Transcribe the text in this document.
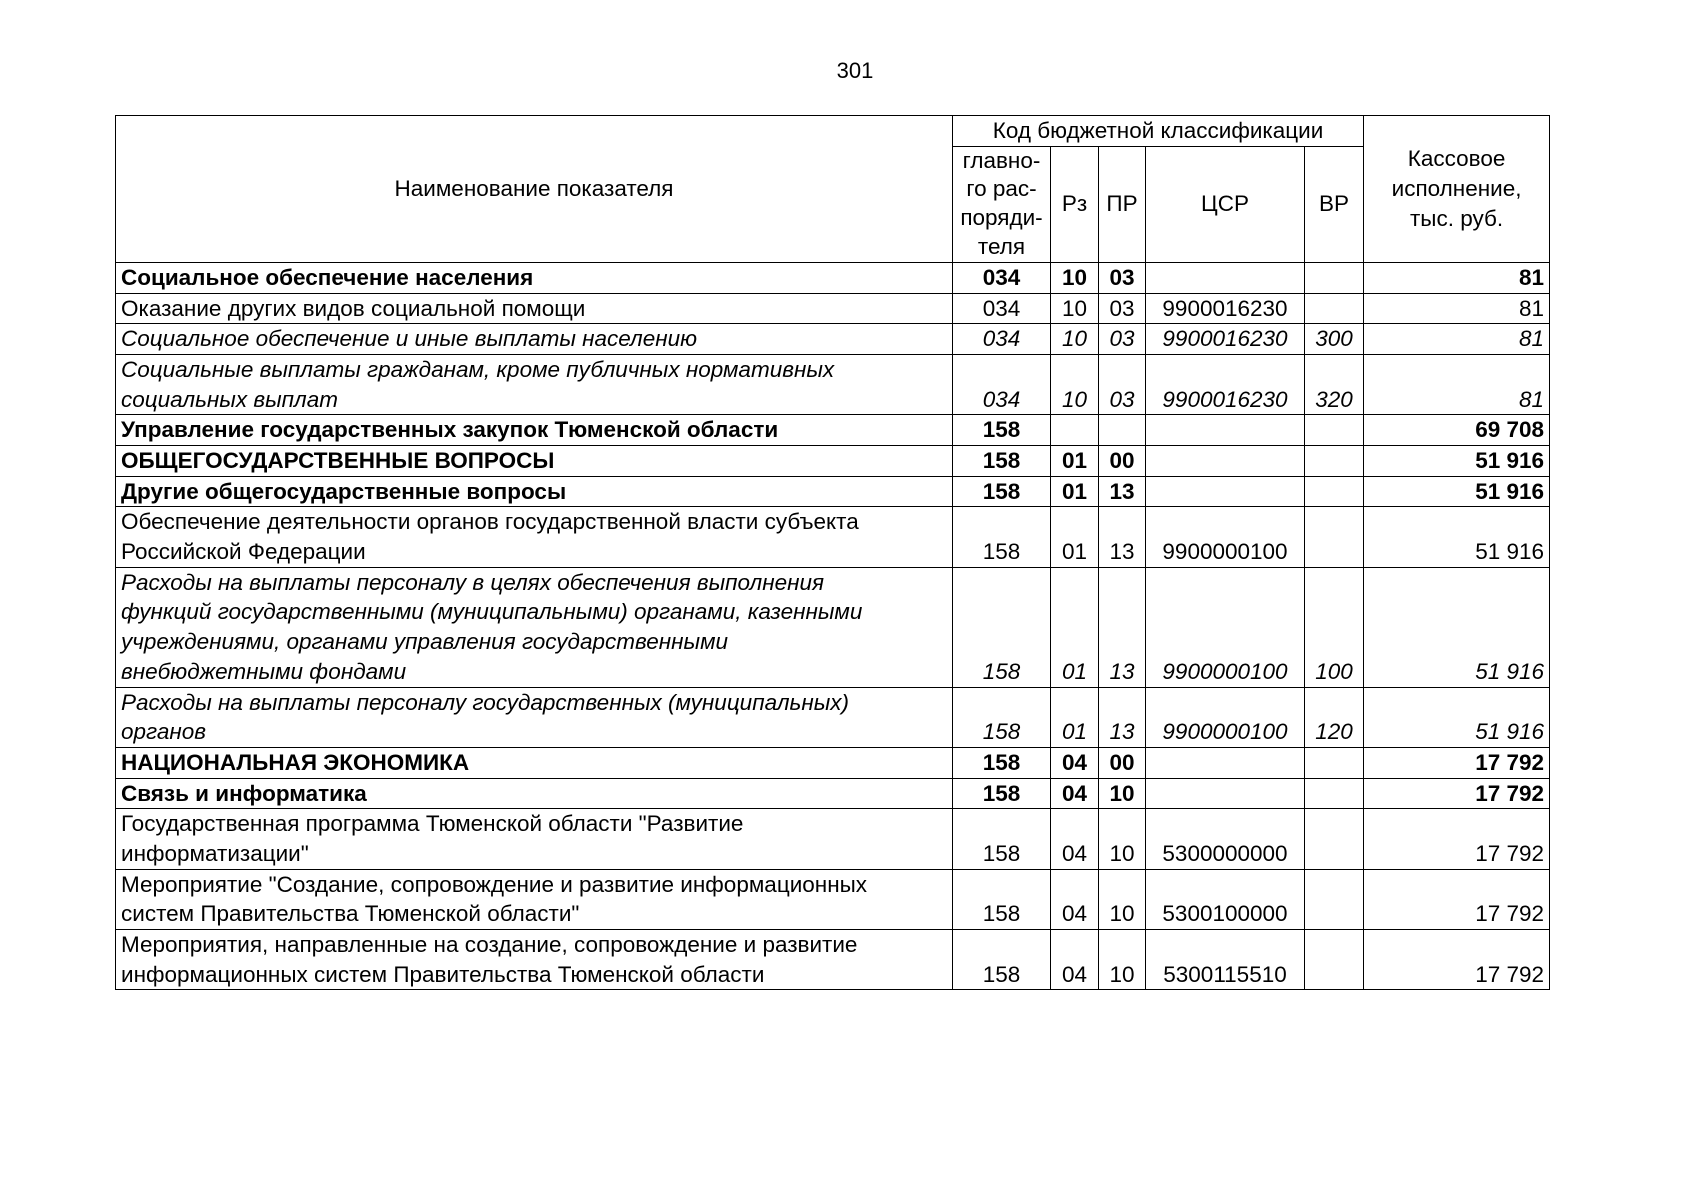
301
Наименование показателя	Код бюджетной классификации					Кассовое
исполнение,
тыс. руб.

	главно-
го рас-
поряди-
теля	Рз	ПР	ЦСР	ВР	

Социальное обеспечение населения	034	10	03			81

Оказание других видов социальной помощи	034	10	03	9900016230		81

Социальное обеспечение и иные выплаты населению	034	10	03	9900016230	300	81

Социальные выплаты гражданам, кроме публичных нормативных
социальных выплат	034	10	03	9900016230	320	81

Управление государственных закупок Тюменской области	158					69 708

ОБЩЕГОСУДАРСТВЕННЫЕ ВОПРОСЫ	158	01	00			51 916

Другие общегосударственные вопросы	158	01	13			51 916

Обеспечение деятельности органов государственной власти субъекта
Российской Федерации	158	01	13	9900000100		51 916

Расходы на выплаты персоналу в целях обеспечения выполнения
функций государственными (муниципальными) органами, казенными
учреждениями, органами управления государственными
внебюджетными фондами	158	01	13	9900000100	100	51 916

Расходы на выплаты персоналу государственных (муниципальных)
органов	158	01	13	9900000100	120	51 916

НАЦИОНАЛЬНАЯ ЭКОНОМИКА	158	04	00			17 792

Связь и информатика	158	04	10			17 792

Государственная программа Тюменской области "Развитие
информатизации"	158	04	10	5300000000		17 792

Мероприятие "Создание, сопровождение и развитие информационных
систем Правительства Тюменской области"	158	04	10	5300100000		17 792

Мероприятия, направленные на создание, сопровождение и развитие
информационных систем Правительства Тюменской области	158	04	10	5300115510		17 792
